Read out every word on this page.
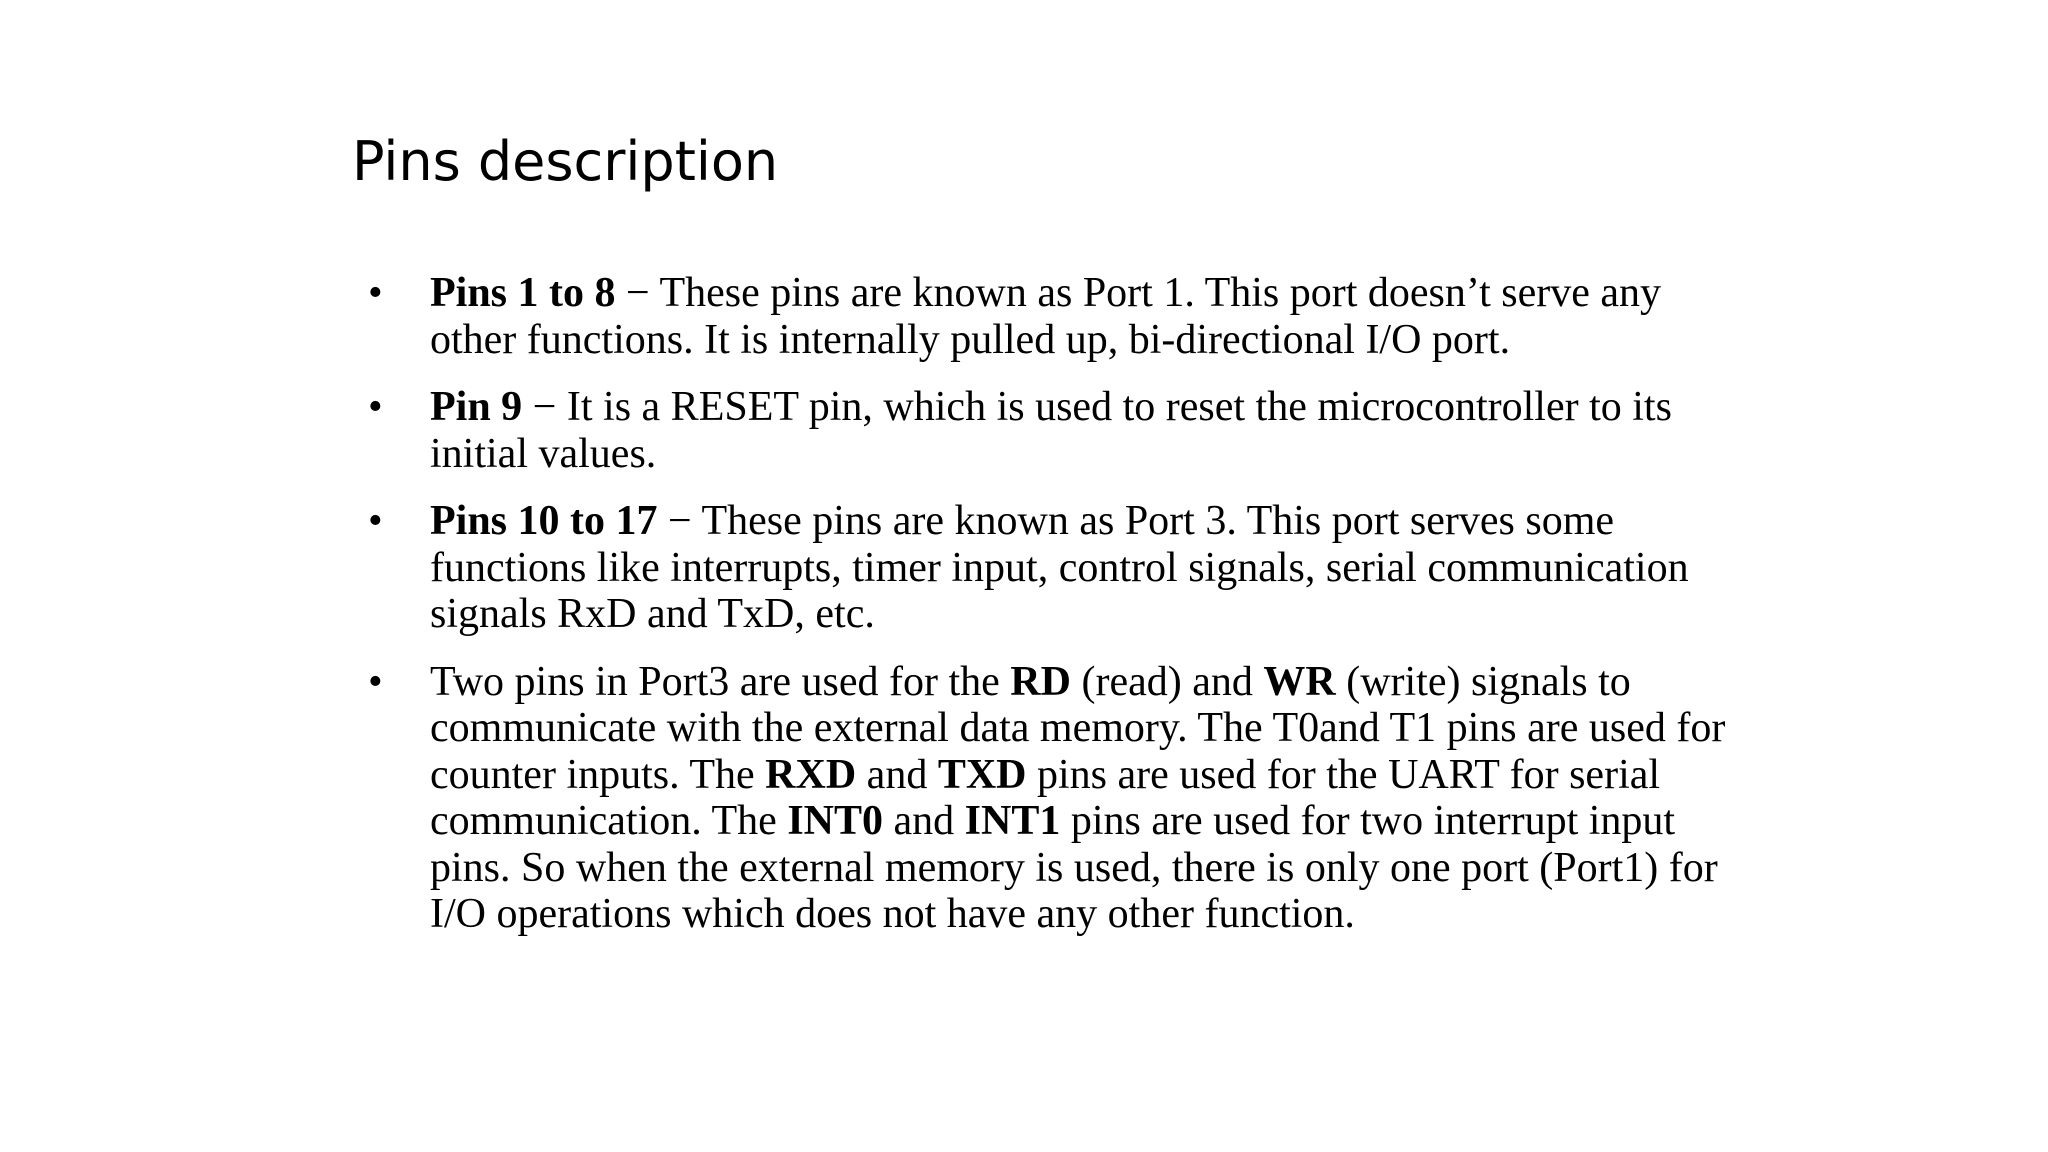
Pins description
• Pins 1 to 8 − These pins are known as Port 1. This port doesn’t serve any other functions. It is internally pulled up, bi-directional I/O port.
• Pin 9 − It is a RESET pin, which is used to reset the microcontroller to its initial values.
• Pins 10 to 17 − These pins are known as Port 3. This port serves some functions like interrupts, timer input, control signals, serial communication signals RxD and TxD, etc.
• Two pins in Port3 are used for the RD (read) and WR (write) signals to communicate with the external data memory. The T0and T1 pins are used for counter inputs. The RXD and TXD pins are used for the UART for serial communication. The INT0 and INT1 pins are used for two interrupt input pins. So when the external memory is used, there is only one port (Port1) for I/O operations which does not have any other function.
